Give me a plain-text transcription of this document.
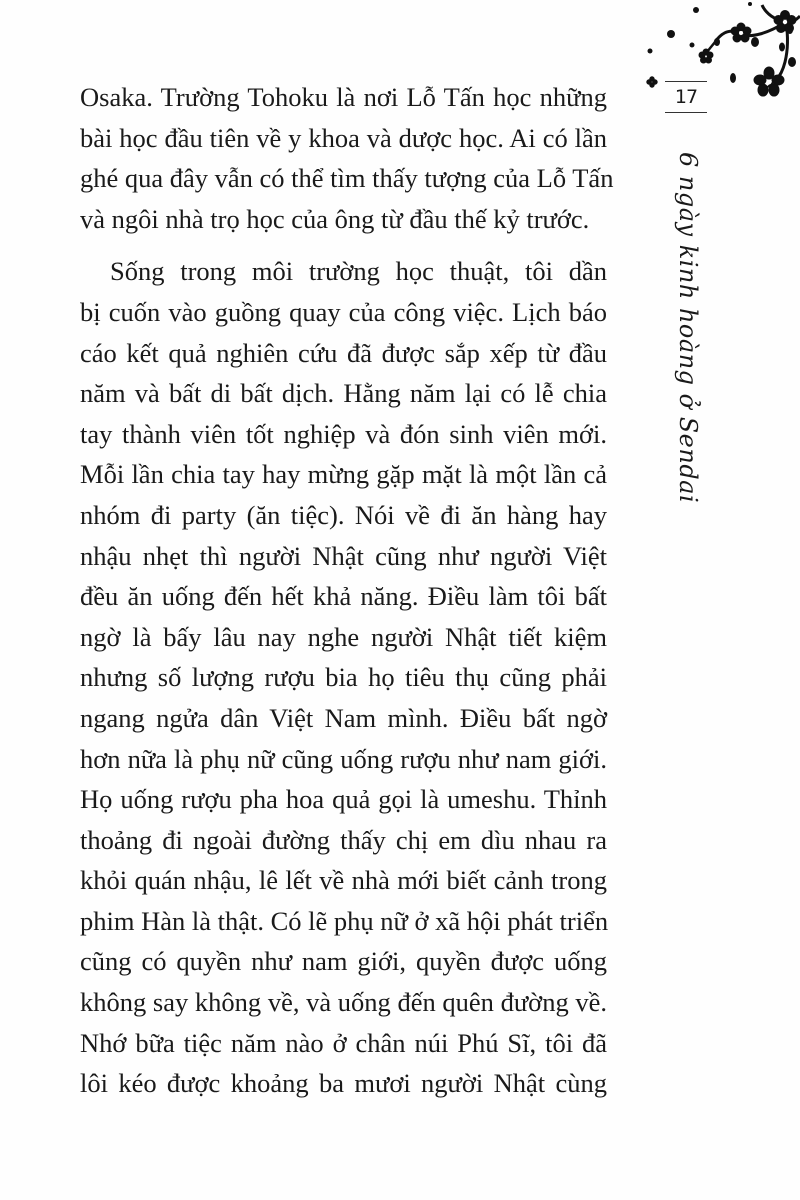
17
6 ngày kinh hoàng ở Sendai
Osaka. Trường Tohoku là nơi Lỗ Tấn học những
bài học đầu tiên về y khoa và dược học. Ai có lần
ghé qua đây vẫn có thể tìm thấy tượng của Lỗ Tấn
và ngôi nhà trọ học của ông từ đầu thế kỷ trước.
Sống trong môi trường học thuật, tôi dần
bị cuốn vào guồng quay của công việc. Lịch báo
cáo kết quả nghiên cứu đã được sắp xếp từ đầu
năm và bất di bất dịch. Hằng năm lại có lễ chia
tay thành viên tốt nghiệp và đón sinh viên mới.
Mỗi lần chia tay hay mừng gặp mặt là một lần cả
nhóm đi party (ăn tiệc). Nói về đi ăn hàng hay
nhậu nhẹt thì người Nhật cũng như người Việt
đều ăn uống đến hết khả năng. Điều làm tôi bất
ngờ là bấy lâu nay nghe người Nhật tiết kiệm
nhưng số lượng rượu bia họ tiêu thụ cũng phải
ngang ngửa dân Việt Nam mình. Điều bất ngờ
hơn nữa là phụ nữ cũng uống rượu như nam giới.
Họ uống rượu pha hoa quả gọi là umeshu. Thỉnh
thoảng đi ngoài đường thấy chị em dìu nhau ra
khỏi quán nhậu, lê lết về nhà mới biết cảnh trong
phim Hàn là thật. Có lẽ phụ nữ ở xã hội phát triển
cũng có quyền như nam giới, quyền được uống
không say không về, và uống đến quên đường về.
Nhớ bữa tiệc năm nào ở chân núi Phú Sĩ, tôi đã
lôi kéo được khoảng ba mươi người Nhật cùng
